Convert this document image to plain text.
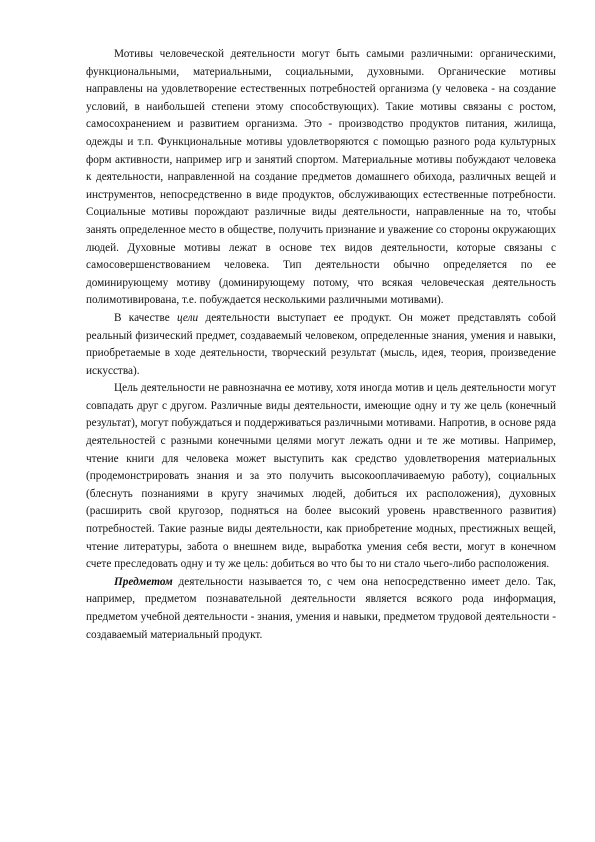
Мотивы человеческой деятельности могут быть самыми различными: органическими, функциональными, материальными, социальными, духовными. Органические мотивы направлены на удовлетворение естественных потребностей организма (у человека - на создание условий, в наибольшей степени этому способствующих). Такие мотивы связаны с ростом, самосохранением и развитием организма. Это - производство продуктов питания, жилища, одежды и т.п. Функциональные мотивы удовлетворяются с помощью разного рода культурных форм активности, например игр и занятий спортом. Материальные мотивы побуждают человека к деятельности, направленной на создание предметов домашнего обихода, различных вещей и инструментов, непосредственно в виде продуктов, обслуживающих естественные потребности. Социальные мотивы порождают различные виды деятельности, направленные на то, чтобы занять определенное место в обществе, получить признание и уважение со стороны окружающих людей. Духовные мотивы лежат в основе тех видов деятельности, которые связаны с самосовершенствованием человека. Тип деятельности обычно определяется по ее доминирующему мотиву (доминирующему потому, что всякая человеческая деятельность полимотивирована, т.е. побуждается несколькими различными мотивами).

В качестве цели деятельности выступает ее продукт. Он может представлять собой реальный физический предмет, создаваемый человеком, определенные знания, умения и навыки, приобретаемые в ходе деятельности, творческий результат (мысль, идея, теория, произведение искусства).

Цель деятельности не равнозначна ее мотиву, хотя иногда мотив и цель деятельности могут совпадать друг с другом. Различные виды деятельности, имеющие одну и ту же цель (конечный результат), могут побуждаться и поддерживаться различными мотивами. Напротив, в основе ряда деятельностей с разными конечными целями могут лежать одни и те же мотивы. Например, чтение книги для человека может выступить как средство удовлетворения материальных (продемонстрировать знания и за это получить высокооплачиваемую работу), социальных (блеснуть познаниями в кругу значимых людей, добиться их расположения), духовных (расширить свой кругозор, подняться на более высокий уровень нравственного развития) потребностей. Такие разные виды деятельности, как приобретение модных, престижных вещей, чтение литературы, забота о внешнем виде, выработка умения себя вести, могут в конечном счете преследовать одну и ту же цель: добиться во что бы то ни стало чьего-либо расположения.

Предметом деятельности называется то, с чем она непосредственно имеет дело. Так, например, предметом познавательной деятельности является всякого рода информация, предметом учебной деятельности - знания, умения и навыки, предметом трудовой деятельности - создаваемый материальный продукт.
